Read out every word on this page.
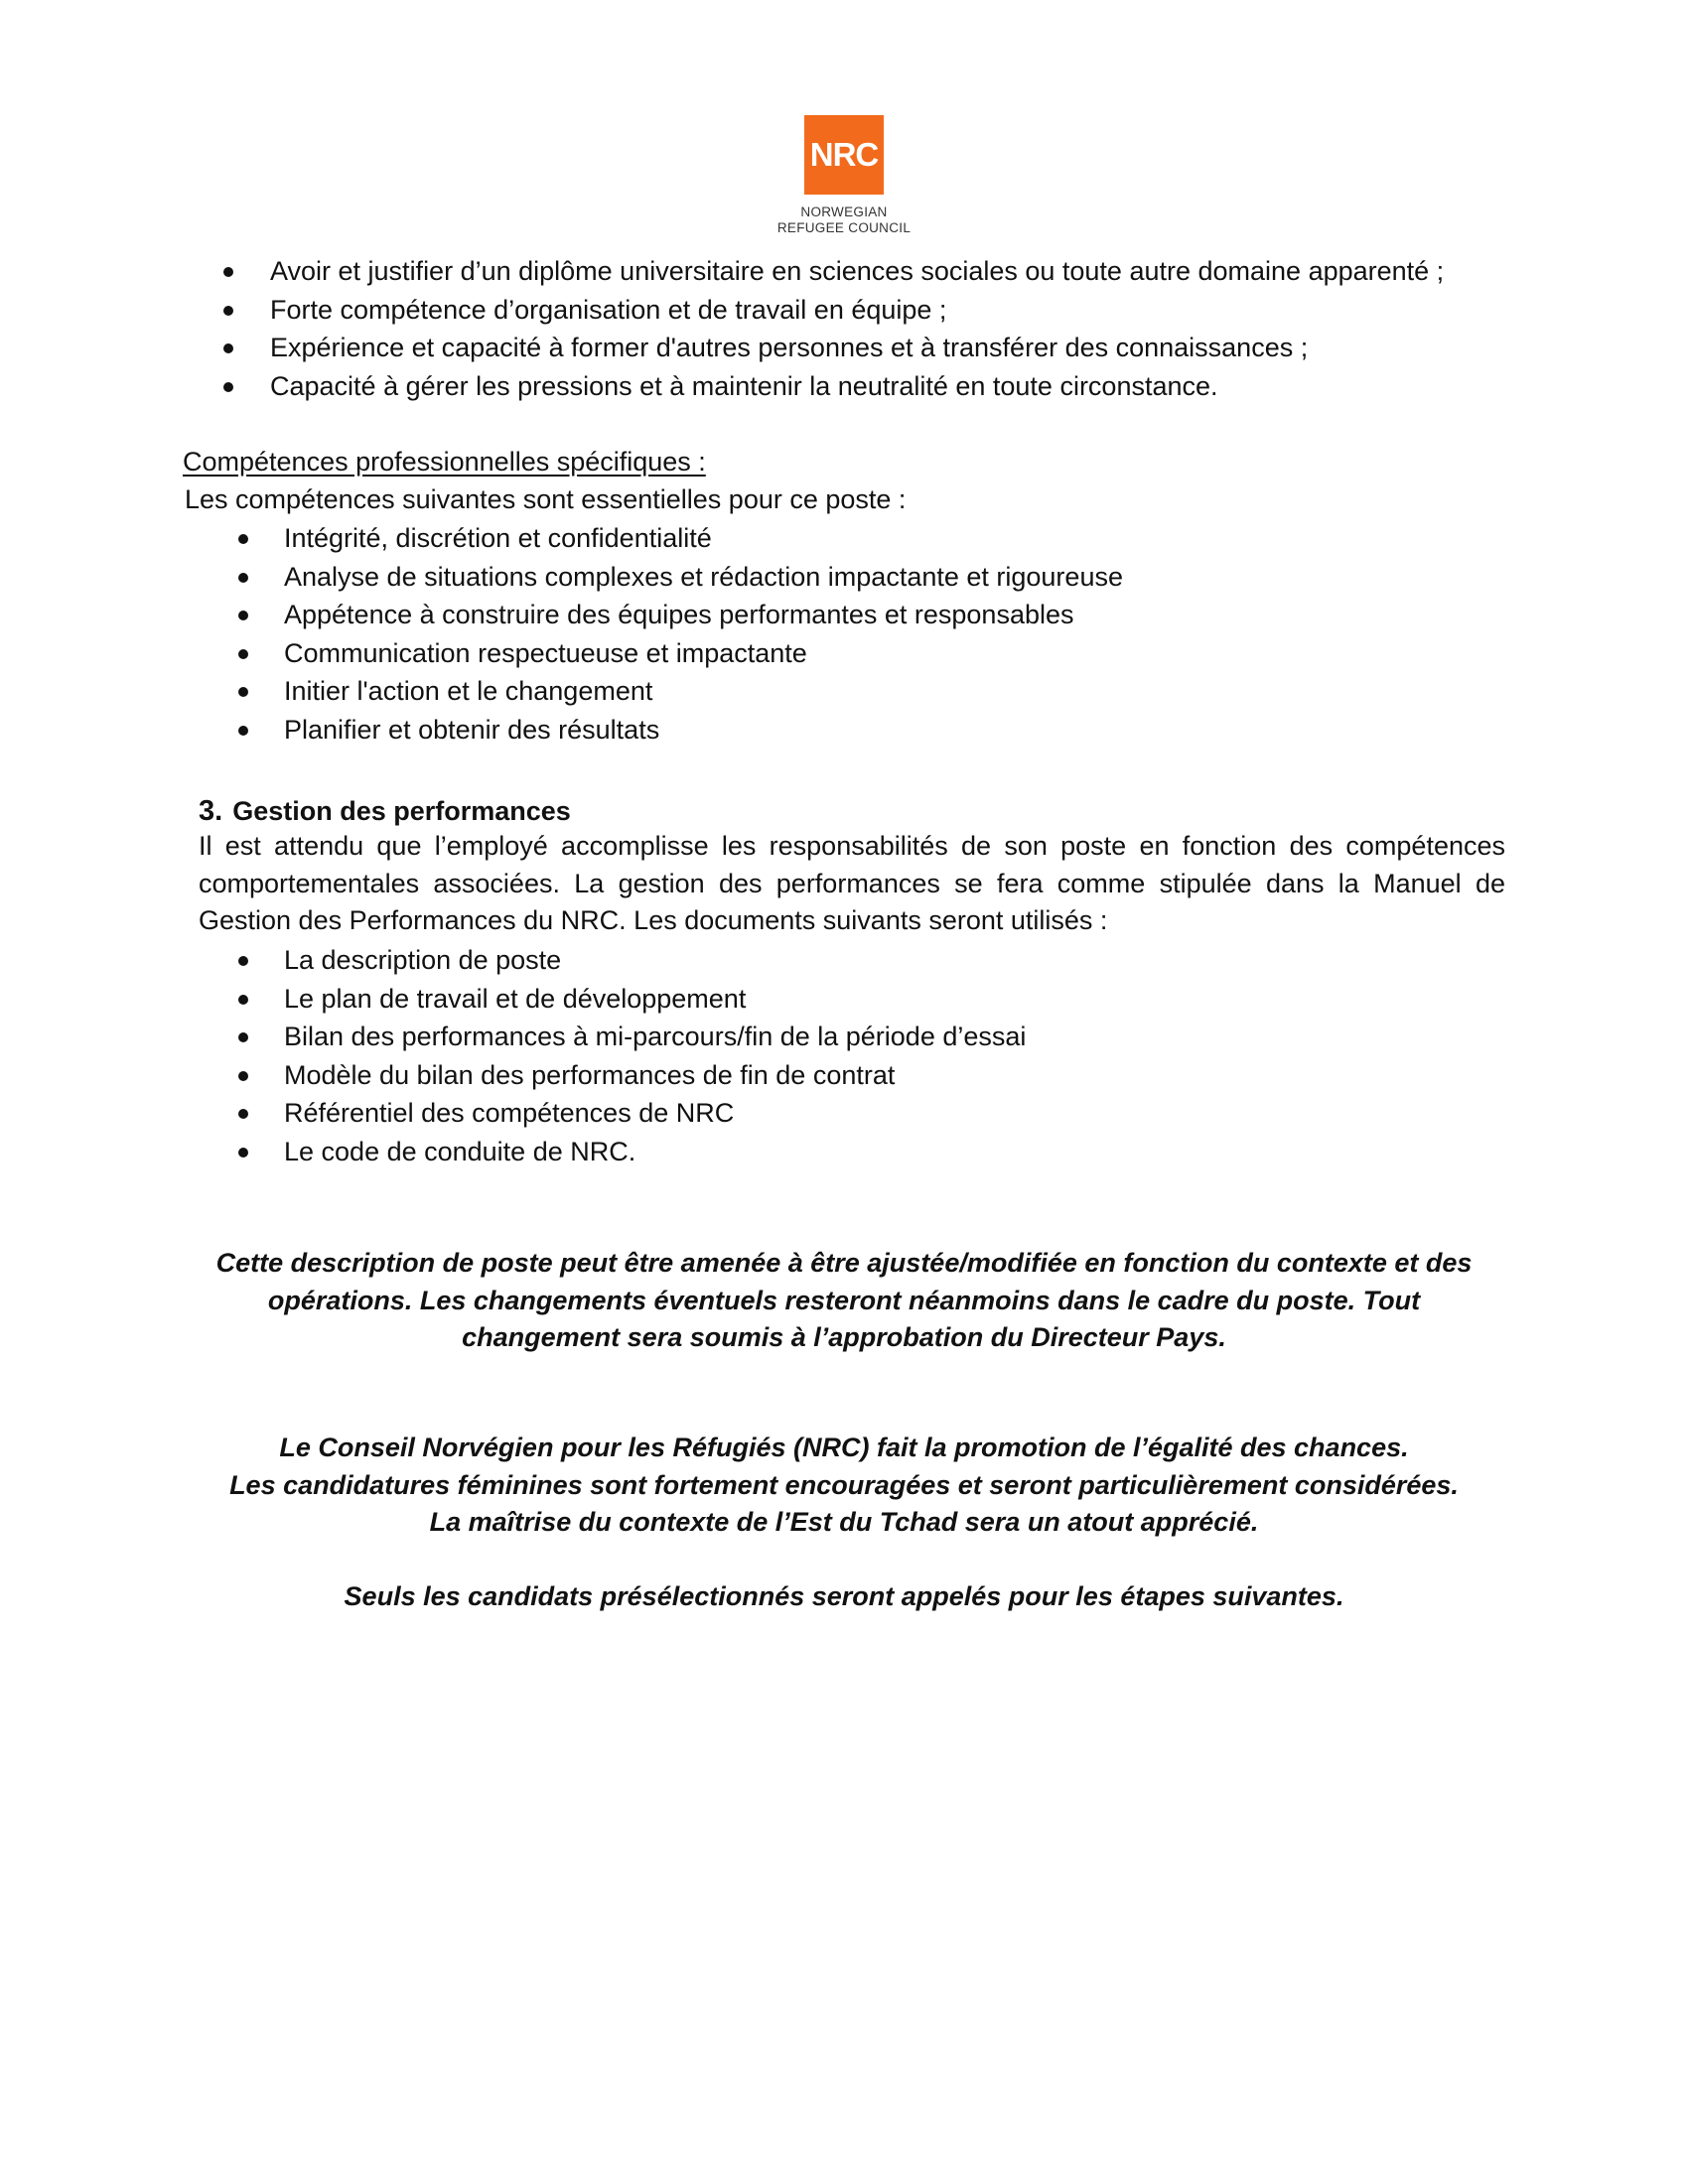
NRC
NORWEGIAN
REFUGEE COUNCIL
Avoir et justifier d’un diplôme universitaire en sciences sociales ou toute autre domaine apparenté ;
Forte compétence d’organisation et de travail en équipe ;
Expérience et capacité à former d'autres personnes et à transférer des connaissances ;
Capacité à gérer les pressions et à maintenir la neutralité en toute circonstance.
Compétences professionnelles spécifiques :
Les compétences suivantes sont essentielles pour ce poste :
Intégrité, discrétion et confidentialité
Analyse de situations complexes et rédaction impactante et rigoureuse
Appétence à construire des équipes performantes et responsables
Communication respectueuse et impactante
Initier l'action et le changement
Planifier et obtenir des résultats
3. Gestion des performances
Il est attendu que l’employé accomplisse les responsabilités de son poste en fonction des compétences comportementales associées. La gestion des performances se fera comme stipulée dans la Manuel de Gestion des Performances du NRC. Les documents suivants seront utilisés :
La description de poste
Le plan de travail et de développement
Bilan des performances à mi-parcours/fin de la période d’essai
Modèle du bilan des performances de fin de contrat
Référentiel des compétences de NRC
Le code de conduite de NRC.

Cette description de poste peut être amenée à être ajustée/modifiée en fonction du contexte et des opérations. Les changements éventuels resteront néanmoins dans le cadre du poste. Tout changement sera soumis à l’approbation du Directeur Pays.

Le Conseil Norvégien pour les Réfugiés (NRC) fait la promotion de l’égalité des chances.

Les candidatures féminines sont fortement encouragées et seront particulièrement considérées. La maîtrise du contexte de l’Est du Tchad sera un atout apprécié.

Seuls les candidats présélectionnés seront appelés pour les étapes suivantes.
